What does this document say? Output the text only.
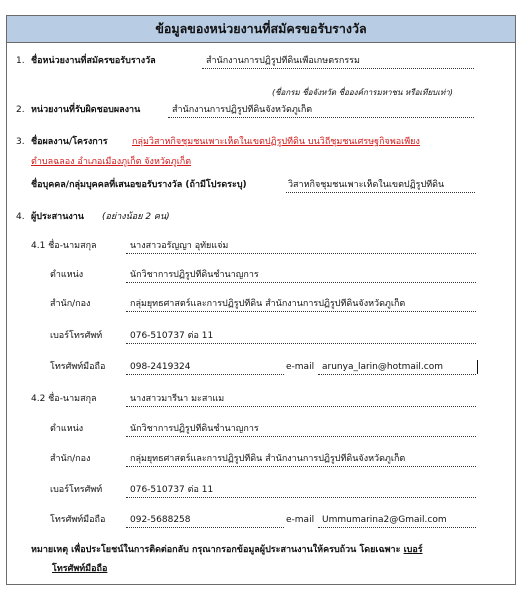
ข้อมูลของหน่วยงานที่สมัครขอรับรางวัล
1. ชื่อหน่วยงานที่สมัครขอรับรางวัล	สำนักงานการปฏิรูปที่ดินเพื่อเกษตรกรรม
(ชื่อกรม ชื่อจังหวัด ชื่อองค์การมหาชน หรือเทียบเท่า)
2. หน่วยงานที่รับผิดชอบผลงาน	สำนักงานการปฏิรูปที่ดินจังหวัดภูเก็ต
3. ชื่อผลงาน/โครงการ	กลุ่มวิสาหกิจชุมชนเพาะเห็ดในเขตปฏิรูปที่ดิน บนวิถีชุมชนเศรษฐกิจพอเพียง
ตำบลฉลอง อำเภอเมืองภูเก็ต จังหวัดภูเก็ต
ชื่อบุคคล/กลุ่มบุคคลที่เสนอขอรับรางวัล (ถ้ามีโปรดระบุ)	วิสาหกิจชุมชนเพาะเห็ดในเขตปฏิรูปที่ดิน
4. ผู้ประสานงาน (อย่างน้อย 2 คน)
4.1 ชื่อ-นามสกุล	นางสาวอรัญญา อุทัยแจ่ม
ตำแหน่ง	นักวิชาการปฏิรูปที่ดินชำนาญการ
สำนัก/กอง	กลุ่มยุทธศาสตร์และการปฏิรูปที่ดิน สำนักงานการปฏิรูปที่ดินจังหวัดภูเก็ต
เบอร์โทรศัพท์	076-510737 ต่อ 11
โทรศัพท์มือถือ	098-2419324	e-mail arunya_larin@hotmail.com
4.2 ชื่อ-นามสกุล	นางสาวมารีนา มะสาแม
ตำแหน่ง	นักวิชาการปฏิรูปที่ดินชำนาญการ
สำนัก/กอง	กลุ่มยุทธศาสตร์และการปฏิรูปที่ดิน สำนักงานการปฏิรูปที่ดินจังหวัดภูเก็ต
เบอร์โทรศัพท์	076-510737 ต่อ 11
โทรศัพท์มือถือ	092-5688258	e-mail Ummumarina2@Gmail.com
หมายเหตุ เพื่อประโยชน์ในการติดต่อกลับ กรุณากรอกข้อมูลผู้ประสานงานให้ครบถ้วน โดยเฉพาะ เบอร์
โทรศัพท์มือถือ
